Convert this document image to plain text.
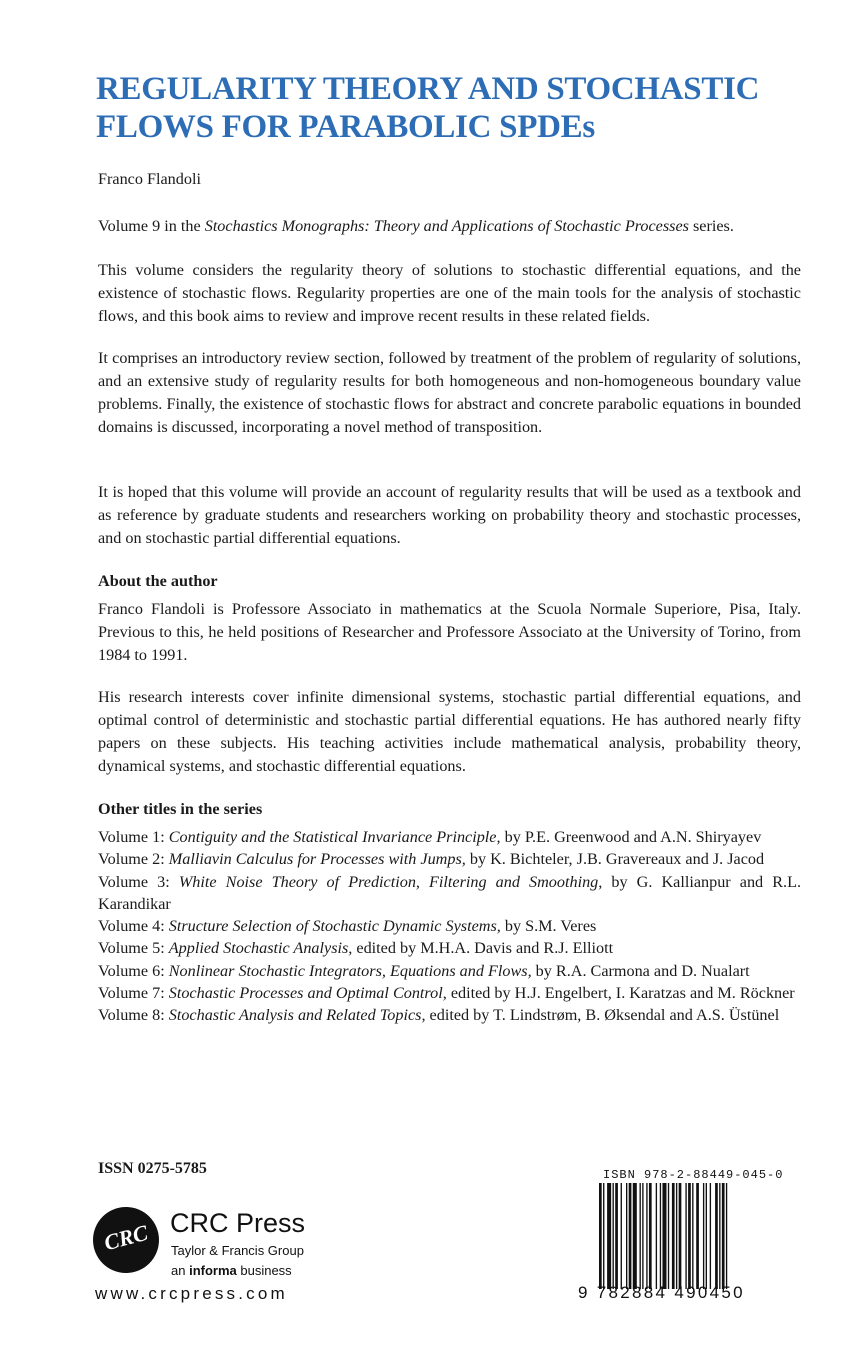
REGULARITY THEORY AND STOCHASTIC FLOWS FOR PARABOLIC SPDEs

Franco Flandoli

Volume 9 in the Stochastics Monographs: Theory and Applications of Stochastic Processes series.

This volume considers the regularity theory of solutions to stochastic differential equations, and the existence of stochastic flows. Regularity properties are one of the main tools for the analysis of stochastic flows, and this book aims to review and improve recent results in these related fields.

It comprises an introductory review section, followed by treatment of the problem of regularity of solutions, and an extensive study of regularity results for both homogeneous and non-homogeneous boundary value problems. Finally, the existence of stochastic flows for abstract and concrete parabolic equations in bounded domains is discussed, incorporating a novel method of transposition.

It is hoped that this volume will provide an account of regularity results that will be used as a textbook and as reference by graduate students and researchers working on probability theory and stochastic processes, and on stochastic partial differential equations.

About the author

Franco Flandoli is Professore Associato in mathematics at the Scuola Normale Superiore, Pisa, Italy. Previous to this, he held positions of Researcher and Professore Associato at the University of Torino, from 1984 to 1991.

His research interests cover infinite dimensional systems, stochastic partial differential equations, and optimal control of deterministic and stochastic partial differential equations. He has authored nearly fifty papers on these subjects. His teaching activities include mathematical analysis, probability theory, dynamical systems, and stochastic differential equations.

Other titles in the series
Volume 1: Contiguity and the Statistical Invariance Principle, by P.E. Greenwood and A.N. Shiryayev
Volume 2: Malliavin Calculus for Processes with Jumps, by K. Bichteler, J.B. Gravereaux and J. Jacod
Volume 3: White Noise Theory of Prediction, Filtering and Smoothing, by G. Kallianpur and R.L. Karandikar
Volume 4: Structure Selection of Stochastic Dynamic Systems, by S.M. Veres
Volume 5: Applied Stochastic Analysis, edited by M.H.A. Davis and R.J. Elliott
Volume 6: Nonlinear Stochastic Integrators, Equations and Flows, by R.A. Carmona and D. Nualart
Volume 7: Stochastic Processes and Optimal Control, edited by H.J. Engelbert, I. Karatzas and M. Röckner
Volume 8: Stochastic Analysis and Related Topics, edited by T. Lindstrøm, B. Øksendal and A.S. Üstünel

ISSN 0275-5785

CRC CRC Press
Taylor & Francis Group
an informa business
www.crcpress.com
ISBN 978-2-88449-045-0
9 782884 490450
